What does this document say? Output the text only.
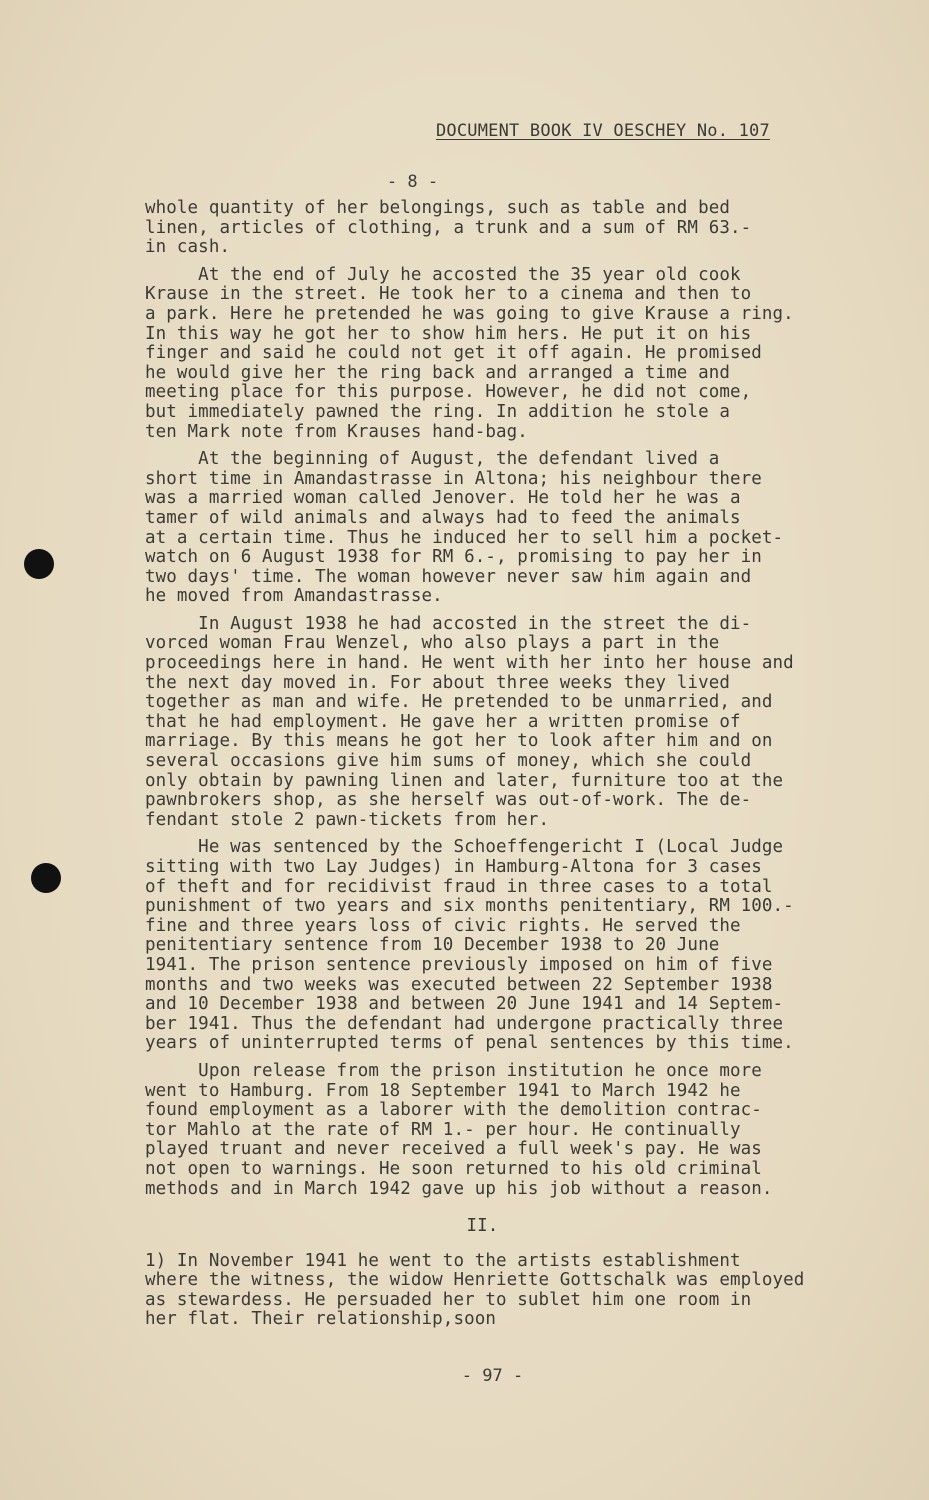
DOCUMENT BOOK IV OESCHEY No. 107
- 8 -

whole quantity of her belongings, such as table and bed

linen, articles of clothing, a trunk and a sum of RM 63.-

in cash.

At the end of July he accosted the 35 year old cook

Krause in the street. He took her to a cinema and then to

a park. Here he pretended he was going to give Krause a ring.

In this way he got her to show him hers. He put it on his

finger and said he could not get it off again. He promised

he would give her the ring back and arranged a time and

meeting place for this purpose. However, he did not come,

but immediately pawned the ring. In addition he stole a

ten Mark note from Krauses hand-bag.

At the beginning of August, the defendant lived a

short time in Amandastrasse in Altona; his neighbour there

was a married woman called Jenover. He told her he was a

tamer of wild animals and always had to feed the animals

at a certain time. Thus he induced her to sell him a pocket-

watch on 6 August 1938 for RM 6.-, promising to pay her in

two days' time. The woman however never saw him again and

he moved from Amandastrasse.

In August 1938 he had accosted in the street the di-

vorced woman Frau Wenzel, who also plays a part in the

proceedings here in hand. He went with her into her house and

the next day moved in. For about three weeks they lived

together as man and wife. He pretended to be unmarried, and

that he had employment. He gave her a written promise of

marriage. By this means he got her to look after him and on

several occasions give him sums of money, which she could

only obtain by pawning linen and later, furniture too at the

pawnbrokers shop, as she herself was out-of-work. The de-

fendant stole 2 pawn-tickets from her.

He was sentenced by the Schoeffengericht I (Local Judge

sitting with two Lay Judges) in Hamburg-Altona for 3 cases

of theft and for recidivist fraud in three cases to a total

punishment of two years and six months penitentiary, RM 100.-

fine and three years loss of civic rights. He served the

penitentiary sentence from 10 December 1938 to 20 June

1941. The prison sentence previously imposed on him of five

months and two weeks was executed between 22 September 1938

and 10 December 1938 and between 20 June 1941 and 14 Septem-

ber 1941. Thus the defendant had undergone practically three

years of uninterrupted terms of penal sentences by this time.

Upon release from the prison institution he once more

went to Hamburg. From 18 September 1941 to March 1942 he

found employment as a laborer with the demolition contrac-

tor Mahlo at the rate of RM 1.- per hour. He continually

played truant and never received a full week's pay. He was

not open to warnings. He soon returned to his old criminal

methods and in March 1942 gave up his job without a reason.

II.

1) In November 1941 he went to the artists establishment

where the witness, the widow Henriette Gottschalk was employed

as stewardess. He persuaded her to sublet him one room in

her flat. Their relationship,soon

- 97 -
